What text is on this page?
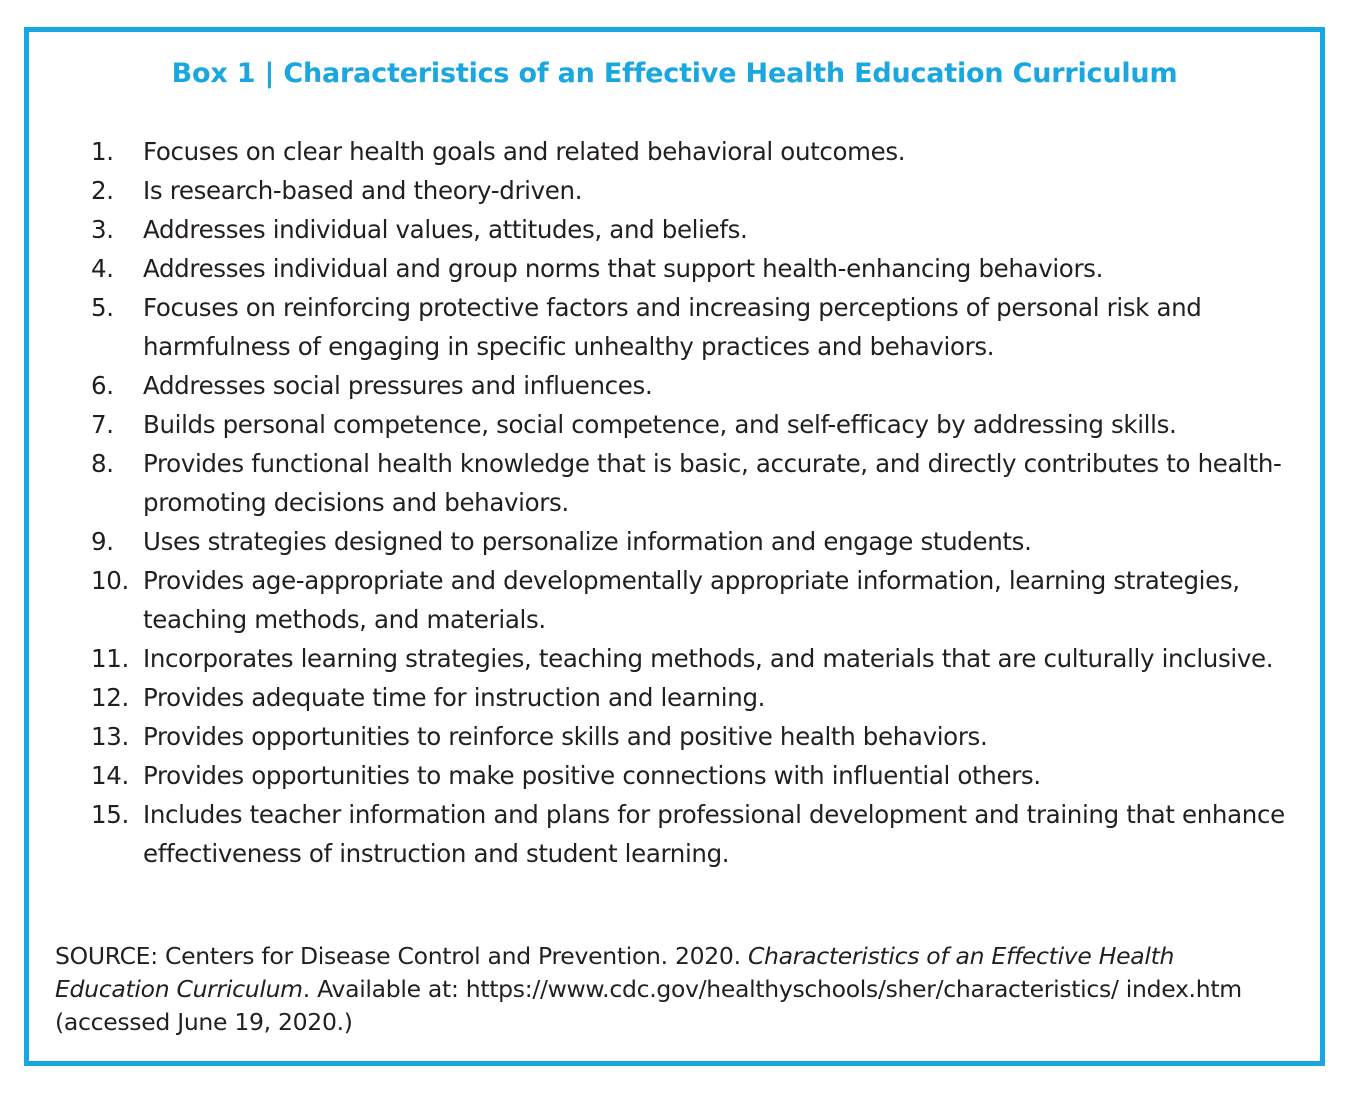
Box 1 | Characteristics of an Effective Health Education Curriculum
1.	Focuses on clear health goals and related behavioral outcomes.
2.	Is research-based and theory-driven.
3.	Addresses individual values, attitudes, and beliefs.
4.	Addresses individual and group norms that support health-enhancing behaviors.
5.	Focuses on reinforcing protective factors and increasing perceptions of personal risk and harmfulness of engaging in specific unhealthy practices and behaviors.
6.	Addresses social pressures and influences.
7.	Builds personal competence, social competence, and self-efficacy by addressing skills.
8.	Provides functional health knowledge that is basic, accurate, and directly contributes to health-promoting decisions and behaviors.
9.	Uses strategies designed to personalize information and engage students.
10. Provides age-appropriate and developmentally appropriate information, learning strategies, teaching methods, and materials.
11. Incorporates learning strategies, teaching methods, and materials that are culturally inclusive.
12. Provides adequate time for instruction and learning.
13. Provides opportunities to reinforce skills and positive health behaviors.
14. Provides opportunities to make positive connections with influential others.
15. Includes teacher information and plans for professional development and training that enhance effectiveness of instruction and student learning.
SOURCE: Centers for Disease Control and Prevention. 2020. Characteristics of an Effective Health Education Curriculum. Available at: https://www.cdc.gov/healthyschools/sher/characteristics/ index.htm (accessed June 19, 2020.)
